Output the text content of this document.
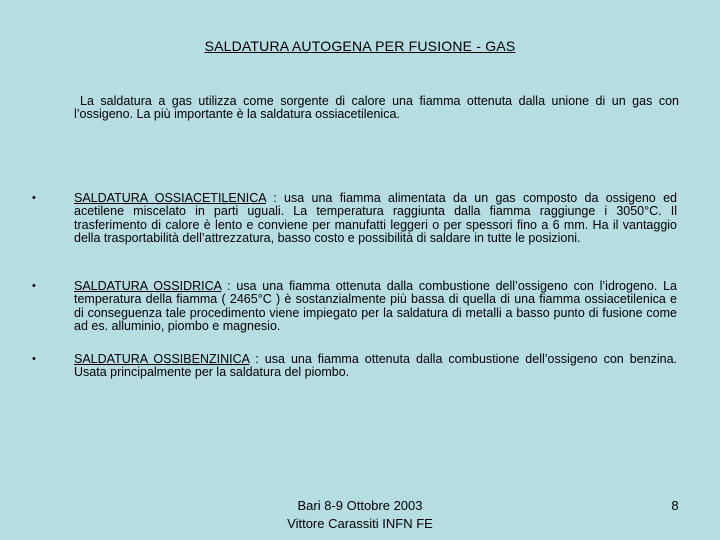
SALDATURA AUTOGENA PER FUSIONE - GAS
La saldatura a gas utilizza come sorgente di calore una fiamma ottenuta dalla unione di un gas con l’ossigeno. La più importante è la saldatura ossiacetilenica.
•	SALDATURA OSSIACETILENICA : usa una fiamma alimentata da un gas composto da ossigeno ed acetilene miscelato in parti uguali. La temperatura raggiunta dalla fiamma raggiunge i 3050°C. Il trasferimento di calore è lento e conviene per manufatti leggeri o per spessori fino a 6 mm. Ha il vantaggio della trasportabilità dell’attrezzatura, basso costo e possibilità di saldare in tutte le posizioni.
•	SALDATURA OSSIDRICA : usa una fiamma ottenuta dalla combustione dell’ossigeno con l’idrogeno. La temperatura della fiamma ( 2465°C ) è sostanzialmente più bassa di quella di una fiamma ossiacetilenica e di conseguenza tale procedimento viene impiegato per la saldatura di metalli a basso punto di fusione come ad es. alluminio, piombo e magnesio.
•	SALDATURA OSSIBENZINICA : usa una fiamma ottenuta dalla combustione dell’ossigeno con benzina. Usata principalmente per la saldatura del piombo.
Bari 8-9 Ottobre 2003
Vittore Carassiti INFN FE
8
